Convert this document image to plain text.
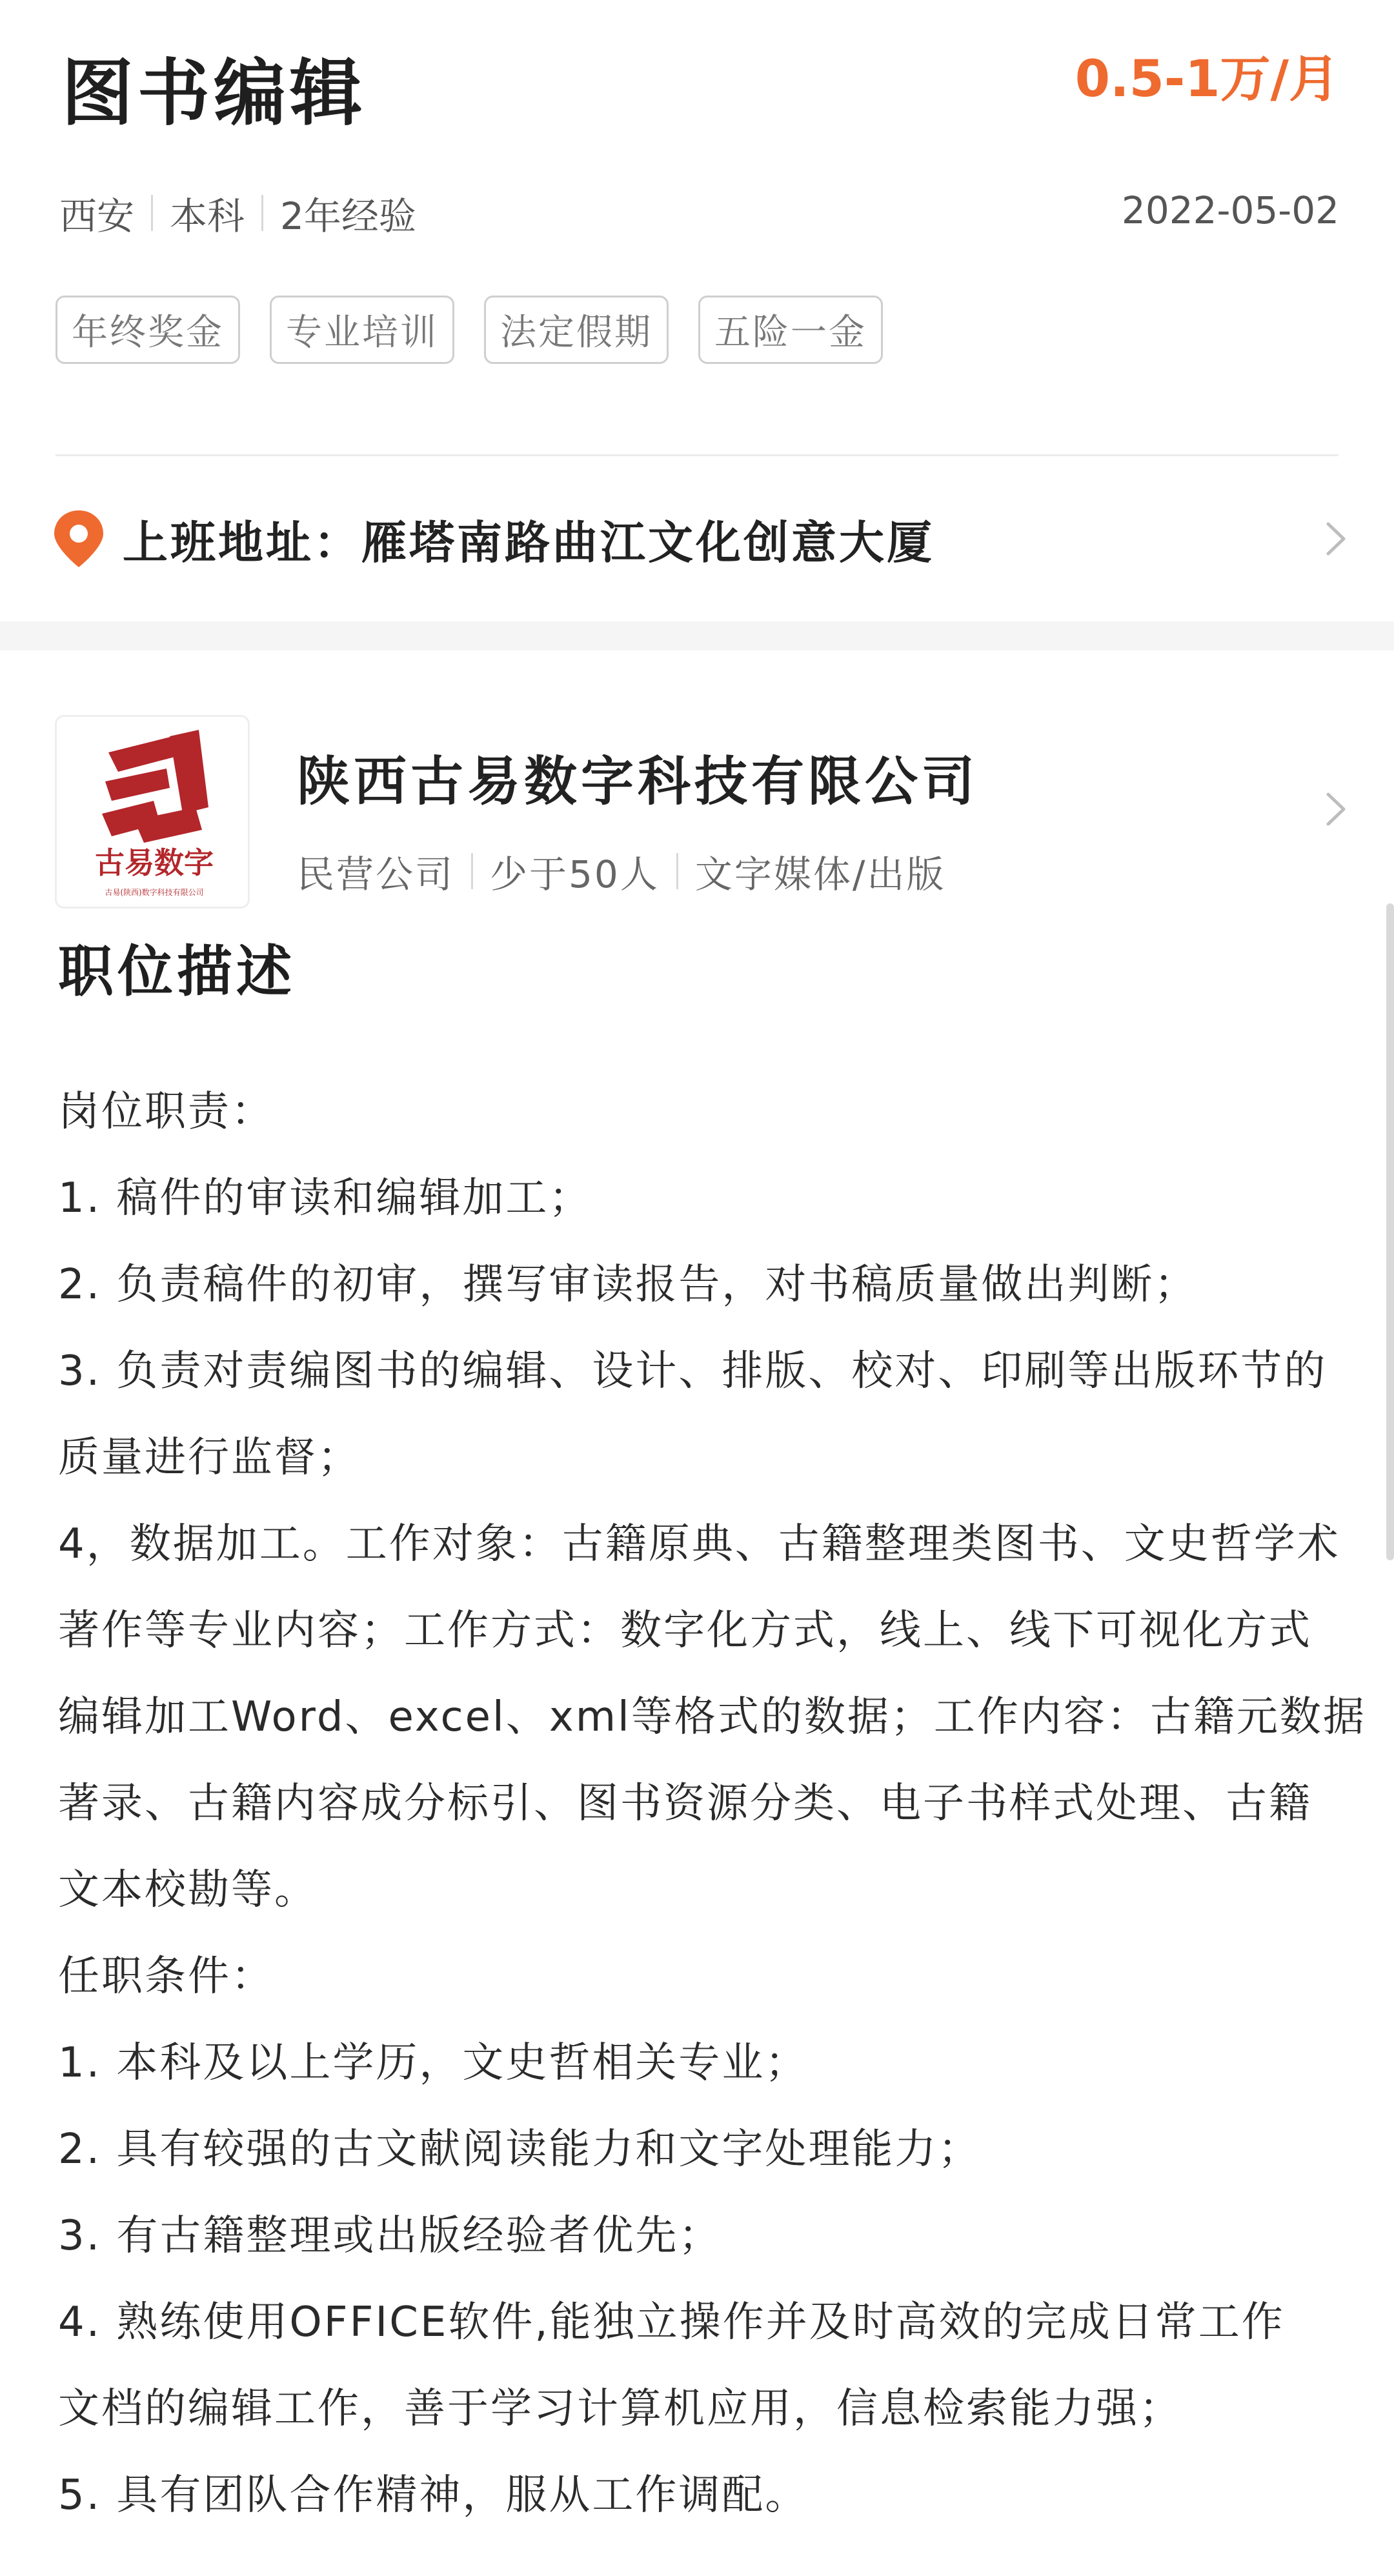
图书编辑	0.5-1万/月
西安 本科 2年经验	2022-05-02
年终奖金	专业培训	法定假期	五险一金
上班地址：雁塔南路曲江文化创意大厦
古易数字
古易(陕西)数字科技有限公司
陕西古易数字科技有限公司
民营公司 少于50人 文字媒体/出版
职位描述
岗位职责：
1. 稿件的审读和编辑加工；
2. 负责稿件的初审，撰写审读报告，对书稿质量做出判断；
3. 负责对责编图书的编辑、设计、排版、校对、印刷等出版环节的
质量进行监督；
4，数据加工。工作对象：古籍原典、古籍整理类图书、文史哲学术
著作等专业内容；工作方式：数字化方式，线上、线下可视化方式
编辑加工Word、excel、xml等格式的数据；工作内容：古籍元数据
著录、古籍内容成分标引、图书资源分类、电子书样式处理、古籍
文本校勘等。
任职条件：
1. 本科及以上学历，文史哲相关专业；
2. 具有较强的古文献阅读能力和文字处理能力；
3. 有古籍整理或出版经验者优先；
4. 熟练使用OFFICE软件,能独立操作并及时高效的完成日常工作
文档的编辑工作，善于学习计算机应用，信息检索能力强；
5. 具有团队合作精神，服从工作调配。
